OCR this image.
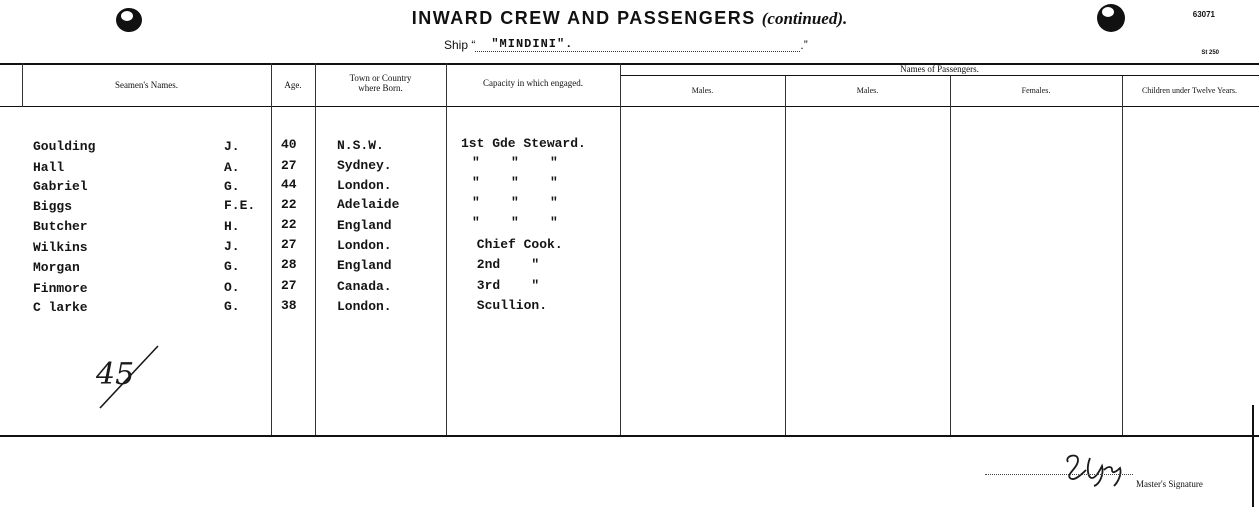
INWARD CREW AND PASSENGERS (continued).	63071
St 250
Ship “ "MINDINI".	.”
Seamen's Names.	Age.
Town or Country
where Born.	Capacity in which engaged.
Names of Passengers.
Males.	Males.	Females.	Children under Twelve Years.
Goulding	J.	40	N.S.W.	1st Gde Steward.
Hall	A.	27	Sydney.	"    "    "
Gabriel	G.	44	London.	"    "    "
Biggs	F.E. 22	Adelaide	"    "    "
Butcher	H.	22	England	"    "    "
Wilkins	J.	27	London.	Chief Cook.
Morgan	G.	28	England	2nd    "
Finmore	O.	27	Canada.	3rd    "
C larke	G.	38	London.	Scullion.
45
Master's Signature
